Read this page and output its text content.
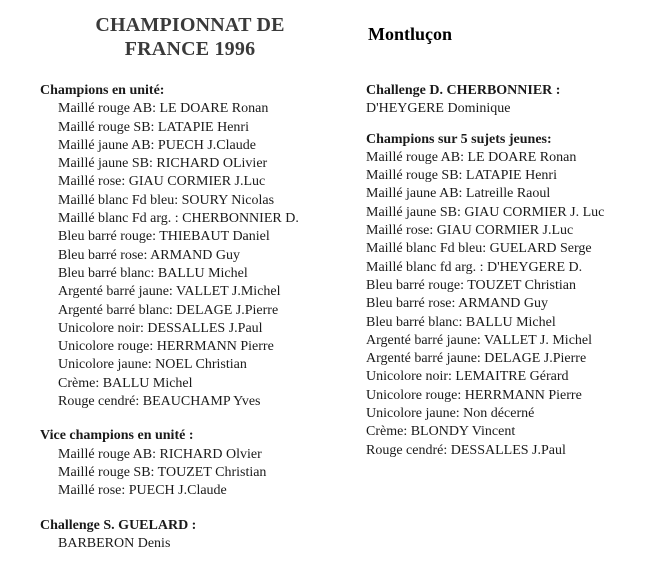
CHAMPIONNAT DE
FRANCE 1996
Montluçon
Champions en unité:
Maillé rouge AB: LE DOARE Ronan
Maillé rouge SB: LATAPIE Henri
Maillé jaune AB: PUECH J.Claude
Maillé jaune SB: RICHARD OLivier
Maillé rose: GIAU CORMIER J.Luc
Maillé blanc Fd bleu: SOURY Nicolas
Maillé blanc Fd arg. : CHERBONNIER D.
Bleu barré rouge: THIEBAUT Daniel
Bleu barré rose: ARMAND Guy
Bleu barré blanc: BALLU Michel
Argenté barré jaune: VALLET J.Michel
Argenté barré blanc: DELAGE J.Pierre
Unicolore noir: DESSALLES J.Paul
Unicolore rouge: HERRMANN Pierre
Unicolore jaune: NOEL Christian
Crème: BALLU Michel
Rouge cendré: BEAUCHAMP Yves
Vice champions en unité :
Maillé rouge AB: RICHARD Olvier
Maillé rouge SB: TOUZET Christian
Maillé rose: PUECH J.Claude
Challenge S. GUELARD :
BARBERON Denis
Challenge D. CHERBONNIER :
D'HEYGERE Dominique
Champions sur 5 sujets jeunes:
Maillé rouge AB: LE DOARE Ronan
Maillé rouge SB: LATAPIE Henri
Maillé jaune AB: Latreille Raoul
Maillé jaune SB: GIAU CORMIER J. Luc
Maillé rose: GIAU CORMIER J.Luc
Maillé blanc Fd bleu: GUELARD Serge
Maillé blanc fd arg. : D'HEYGERE D.
Bleu barré rouge: TOUZET Christian
Bleu barré rose: ARMAND Guy
Bleu barré blanc: BALLU Michel
Argenté barré jaune: VALLET J. Michel
Argenté barré jaune: DELAGE J.Pierre
Unicolore noir: LEMAITRE Gérard
Unicolore rouge: HERRMANN Pierre
Unicolore jaune: Non décerné
Crème: BLONDY Vincent
Rouge cendré: DESSALLES J.Paul
